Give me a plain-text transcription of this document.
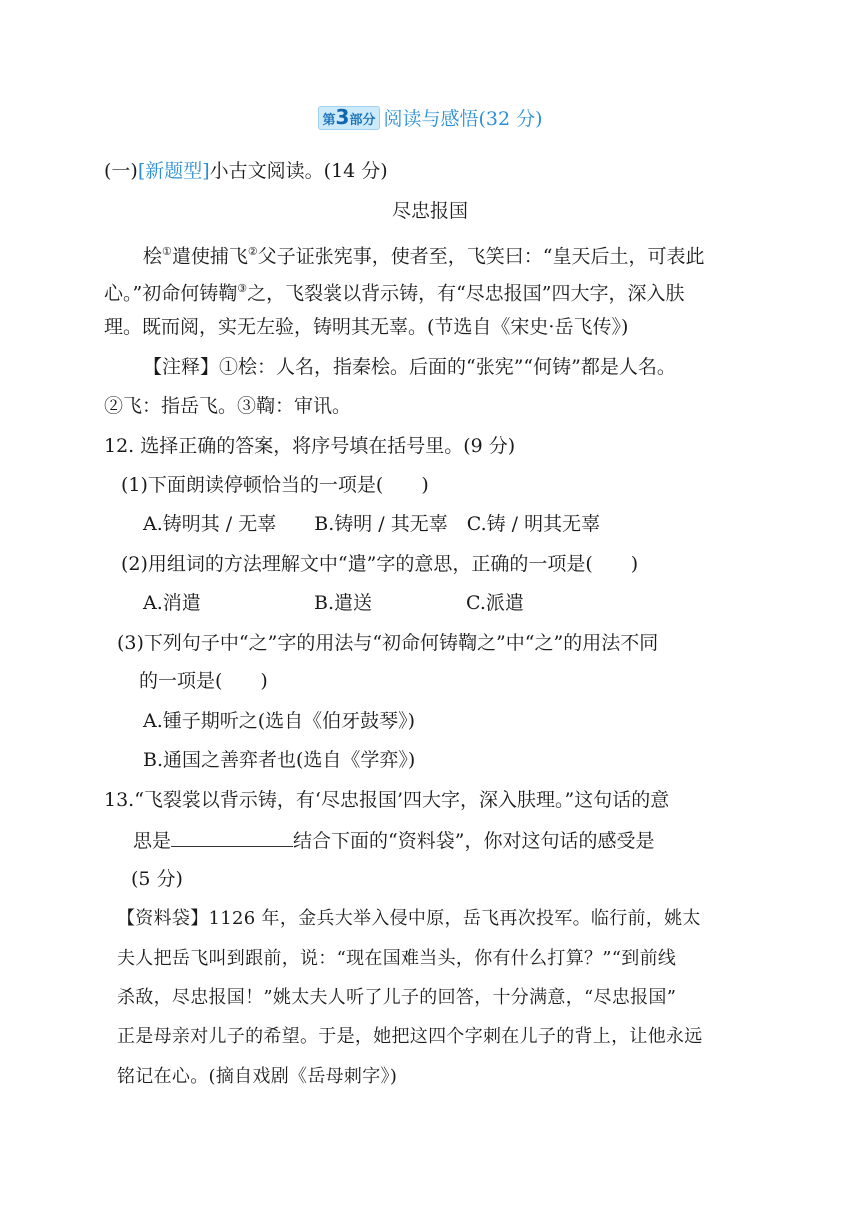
第3部分 阅读与感悟(32 分)
(一)[新题型]小古文阅读。(14 分)
尽忠报国
桧①遣使捕飞②父子证张宪事，使者至，飞笑曰：“皇天后土，可表此
心。”初命何铸鞫③之，飞裂裳以背示铸，有“尽忠报国”四大字，深入肤
理。既而阅，实无左验，铸明其无辜。(节选自《宋史·岳飞传》)
【注释】①桧：人名，指秦桧。后面的“张宪”“何铸”都是人名。
②飞：指岳飞。③鞫：审讯。
12. 选择正确的答案，将序号填在括号里。(9 分)
(1)下面朗读停顿恰当的一项是( )
A.铸明其 / 无辜　　B.铸明 / 其无辜　C.铸 / 明其无辜
(2)用组词的方法理解文中“遣”字的意思，正确的一项是( )
A.消遣	B.遣送	C.派遣
(3)下列句子中“之”字的用法与“初命何铸鞫之”中“之”的用法不同
的一项是( )
A.锺子期听之(选自《伯牙鼓琴》)
B.通国之善弈者也(选自《学弈》)
13.“飞裂裳以背示铸，有‘尽忠报国’四大字，深入肤理。”这句话的意
思是	结合下面的“资料袋”，你对这句话的感受是
(5 分)
【资料袋】1126 年，金兵大举入侵中原，岳飞再次投军。临行前，姚太
夫人把岳飞叫到跟前，说：“现在国难当头，你有什么打算？”“到前线
杀敌，尽忠报国！”姚太夫人听了儿子的回答，十分满意，“尽忠报国”
正是母亲对儿子的希望。于是，她把这四个字刺在儿子的背上，让他永远
铭记在心。(摘自戏剧《岳母刺字》)
